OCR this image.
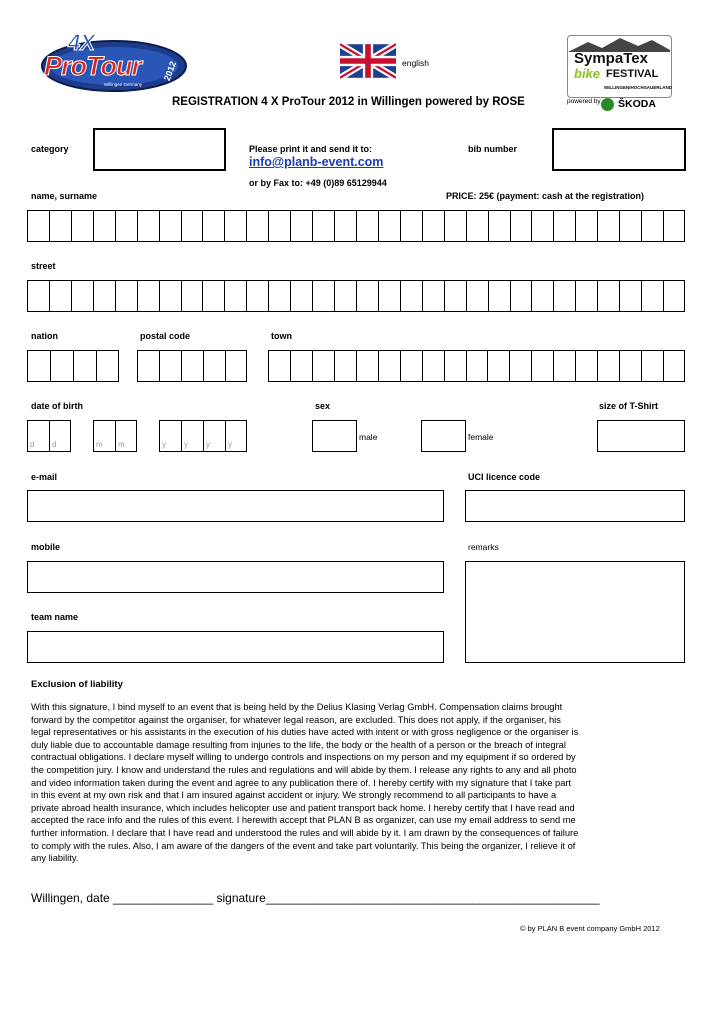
4X
ProTour 2012
Willingen Germany
english	SympaTex
bike FESTIVAL
WILLINGEN/HOCHSAUERLAND
powered by ŠKODA
REGISTRATION 4 X ProTour 2012 in Willingen powered by ROSE
category	Please print it and send it to:
info@planb-event.com
or by Fax to: +49 (0)89 65129944
bib number
name, surname	PRICE: 25€ (payment: cash at the registration)
street
nation	postal code	town
date of birth	sex	size of T-Shirt
d d	m m	y y y y
male	female
e-mail	UCI licence code
mobile	remarks
team name
Exclusion of liability
With this signature, I bind myself to an event that is being held by the Delius Klasing Verlag GmbH. Compensation claims brought
forward by the competitor against the organiser, for whatever legal reason, are excluded. This does not apply, if the organiser, his
legal representatives or his assistants in the execution of his duties have acted with intent or with gross negligence or the organiser is
duly liable due to accountable damage resulting from injuries to the life, the body or the health of a person or the breach of integral
contractual obligations. I declare myself willing to undergo controls and inspections on my person and my equipment if so ordered by
the competition jury. I know and understand the rules and regulations and will abide by them. I release any rights to any and all photo
and video information taken during the event and agree to any publication there of. I hereby certify with my signature that I take part
in this event at my own risk and that I am insured against accident or injury. We strongly recommend to all participants to have a
private abroad health insurance, which includes helicopter use and patient transport back home. I hereby certify that I have read and
accepted the race info and the rules of this event. I herewith accept that PLAN B as organizer, can use my email address to send me
further information. I declare that I have read and understood the rules and will abide by it. I am drawn by the consequences of failure
to comply with the rules. Also, I am aware of the dangers of the event and take part voluntarily. This being the organizer, I relieve it of
any liability.
Willingen, date _______________ signature__________________________________________________
© by PLAN B event company GmbH 2012
